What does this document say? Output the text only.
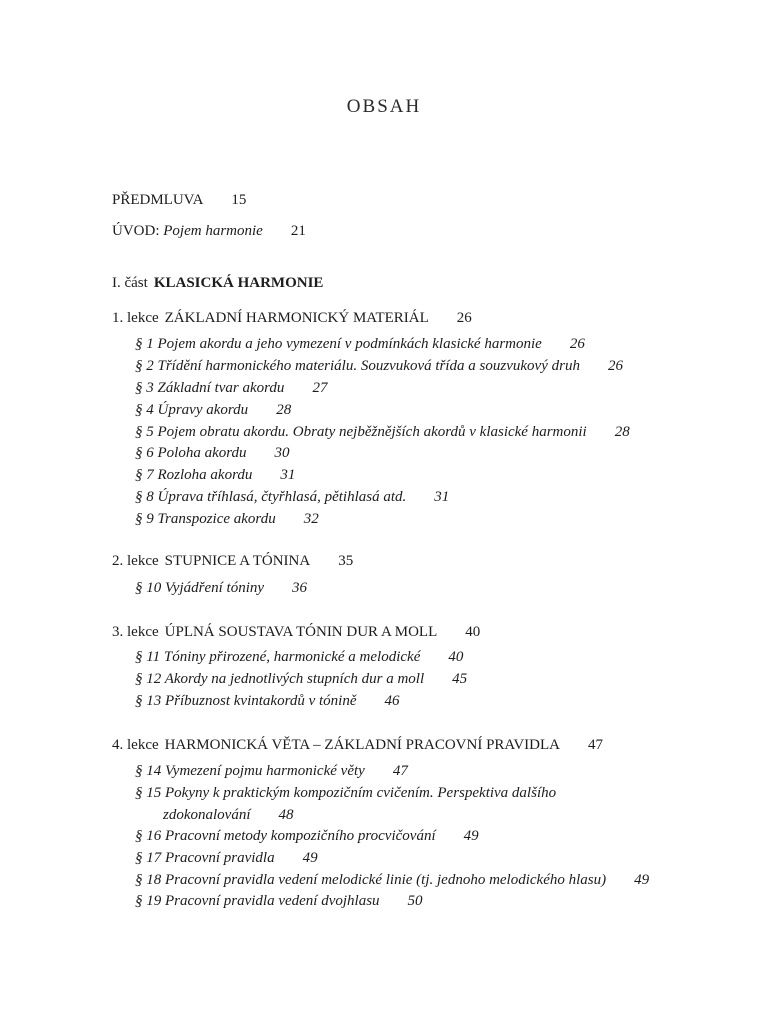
OBSAH
PŘEDMLUVA 15
ÚVOD: Pojem harmonie 21
I. část KLASICKÁ HARMONIE
1. lekce ZÁKLADNÍ HARMONICKÝ MATERIÁL 26
§ 1 Pojem akordu a jeho vymezení v podmínkách klasické harmonie 26
§ 2 Třídění harmonického materiálu. Souzvuková třída a souzvukový druh 26
§ 3 Základní tvar akordu 27
§ 4 Úpravy akordu 28
§ 5 Pojem obratu akordu. Obraty nejběžnějších akordů v klasické harmonii 28
§ 6 Poloha akordu 30
§ 7 Rozloha akordu 31
§ 8 Úprava tříhlasá, čtyřhlasá, pětihlasá atd. 31
§ 9 Transpozice akordu 32
2. lekce STUPNICE A TÓNINA 35
§ 10 Vyjádření tóniny 36
3. lekce ÚPLNÁ SOUSTAVA TÓNIN DUR A MOLL 40
§ 11 Tóniny přirozené, harmonické a melodické 40
§ 12 Akordy na jednotlivých stupních dur a moll 45
§ 13 Příbuznost kvintakordů v tónině 46
4. lekce HARMONICKÁ VĚTA – ZÁKLADNÍ PRACOVNÍ PRAVIDLA 47
§ 14 Vymezení pojmu harmonické věty 47
§ 15 Pokyny k praktickým kompozičním cvičením. Perspektiva dalšího
zdokonalování 48
§ 16 Pracovní metody kompozičního procvičování 49
§ 17 Pracovní pravidla 49
§ 18 Pracovní pravidla vedení melodické linie (tj. jednoho melodického hlasu) 49
§ 19 Pracovní pravidla vedení dvojhlasu 50
